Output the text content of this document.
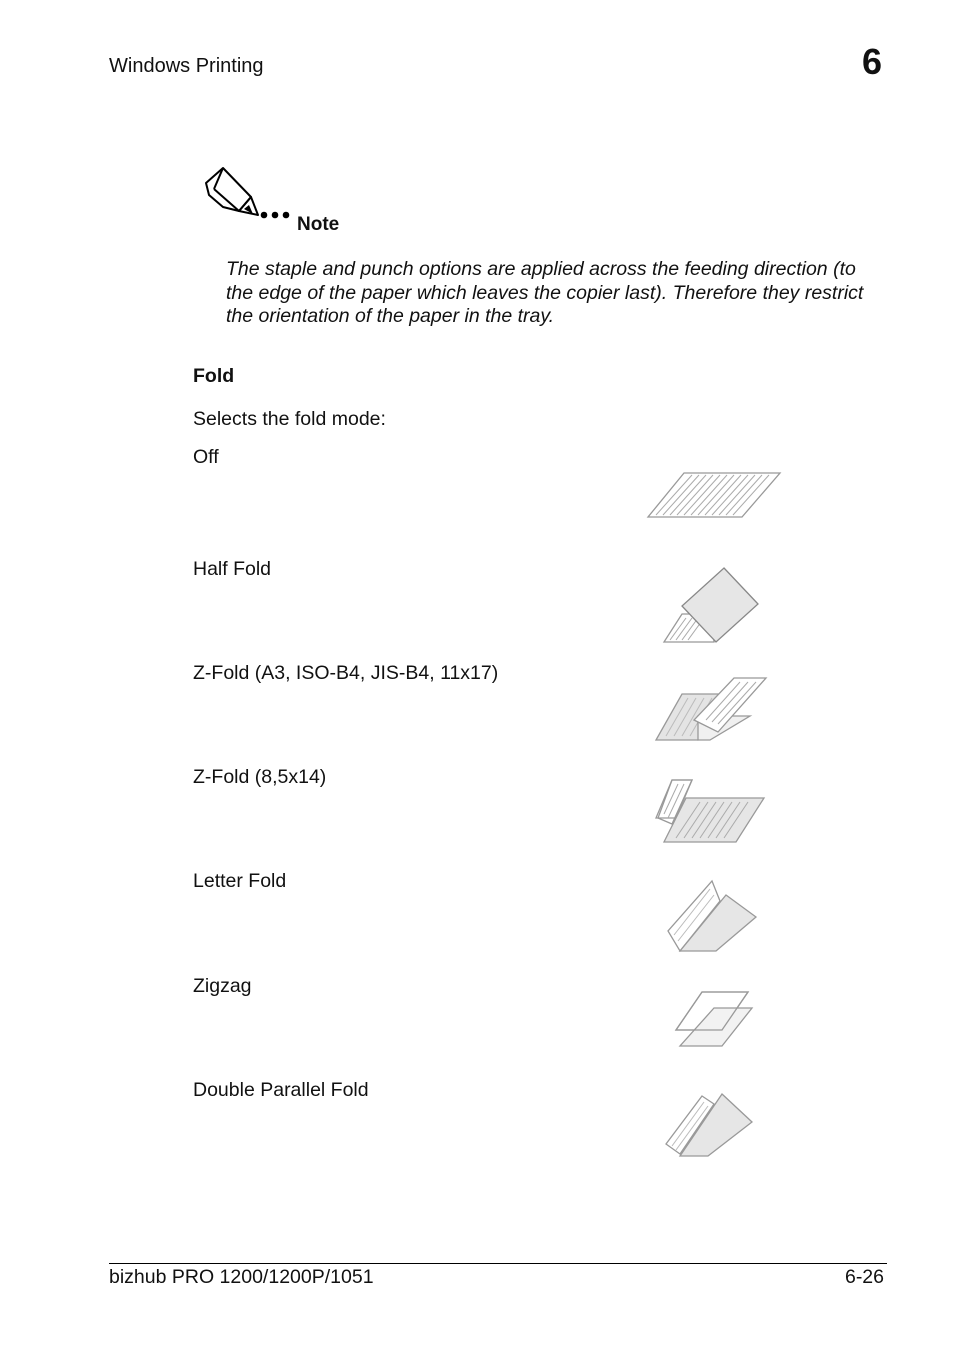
Windows Printing	6
Note
The staple and punch options are applied across the feeding direction (to the edge of the paper which leaves the copier last). Therefore they restrict the orientation of the paper in the tray.
Fold
Selects the fold mode:
Off
Half Fold
Z-Fold (A3, ISO-B4, JIS-B4, 11x17)
Z-Fold (8,5x14)
Letter Fold
Zigzag
Double Parallel Fold
bizhub PRO 1200/1200P/1051	6-26
